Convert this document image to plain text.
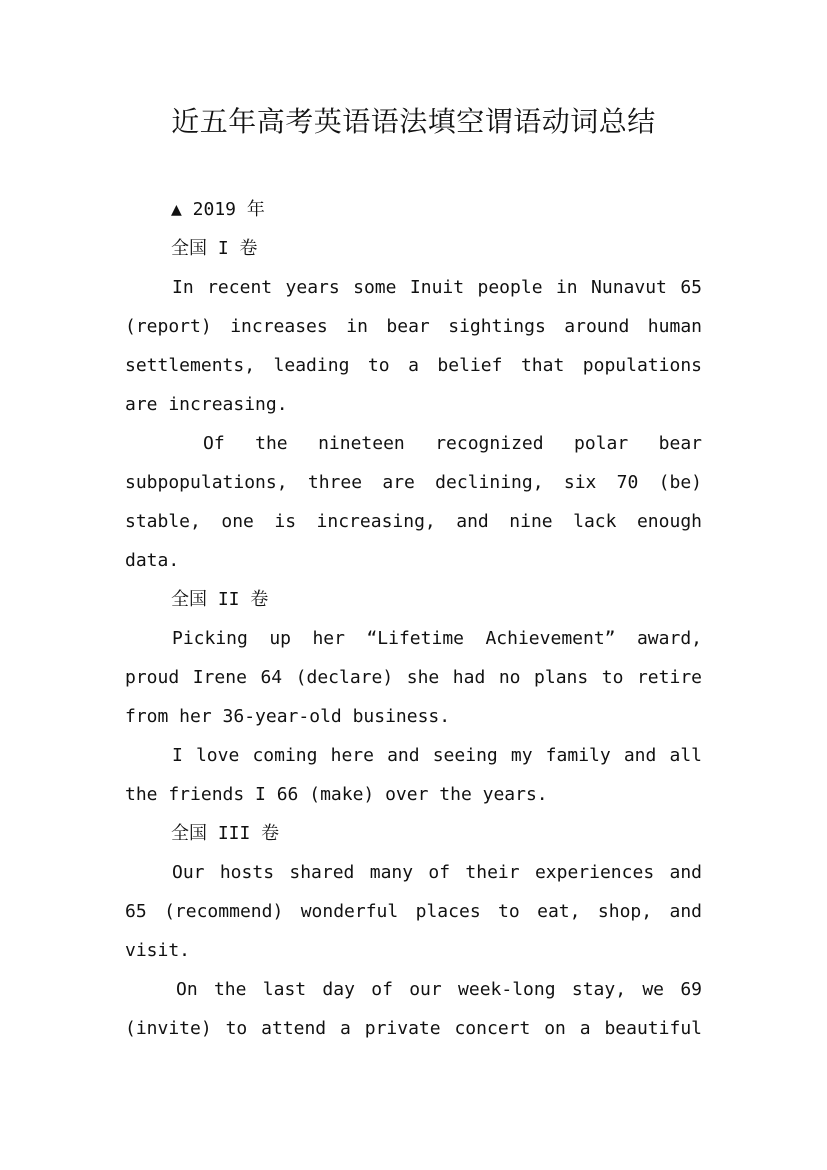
近五年高考英语语法填空谓语动词总结
▲ 2019 年
全国 I 卷
In recent years some Inuit people in Nunavut 65
(report) increases in bear sightings around human
settlements, leading to a belief that populations
are increasing.
Of the nineteen recognized polar bear
subpopulations, three are declining, six 70 (be)
stable, one is increasing, and nine lack enough
data.
全国 II 卷
Picking up her “Lifetime Achievement” award,
proud Irene 64 (declare) she had no plans to retire
from her 36-year-old business.
I love coming here and seeing my family and all
the friends I 66 (make) over the years.
全国 III 卷
Our hosts shared many of their experiences and
65 (recommend) wonderful places to eat, shop, and
visit.
On the last day of our week-long stay, we 69
(invite) to attend a private concert on a beautiful
